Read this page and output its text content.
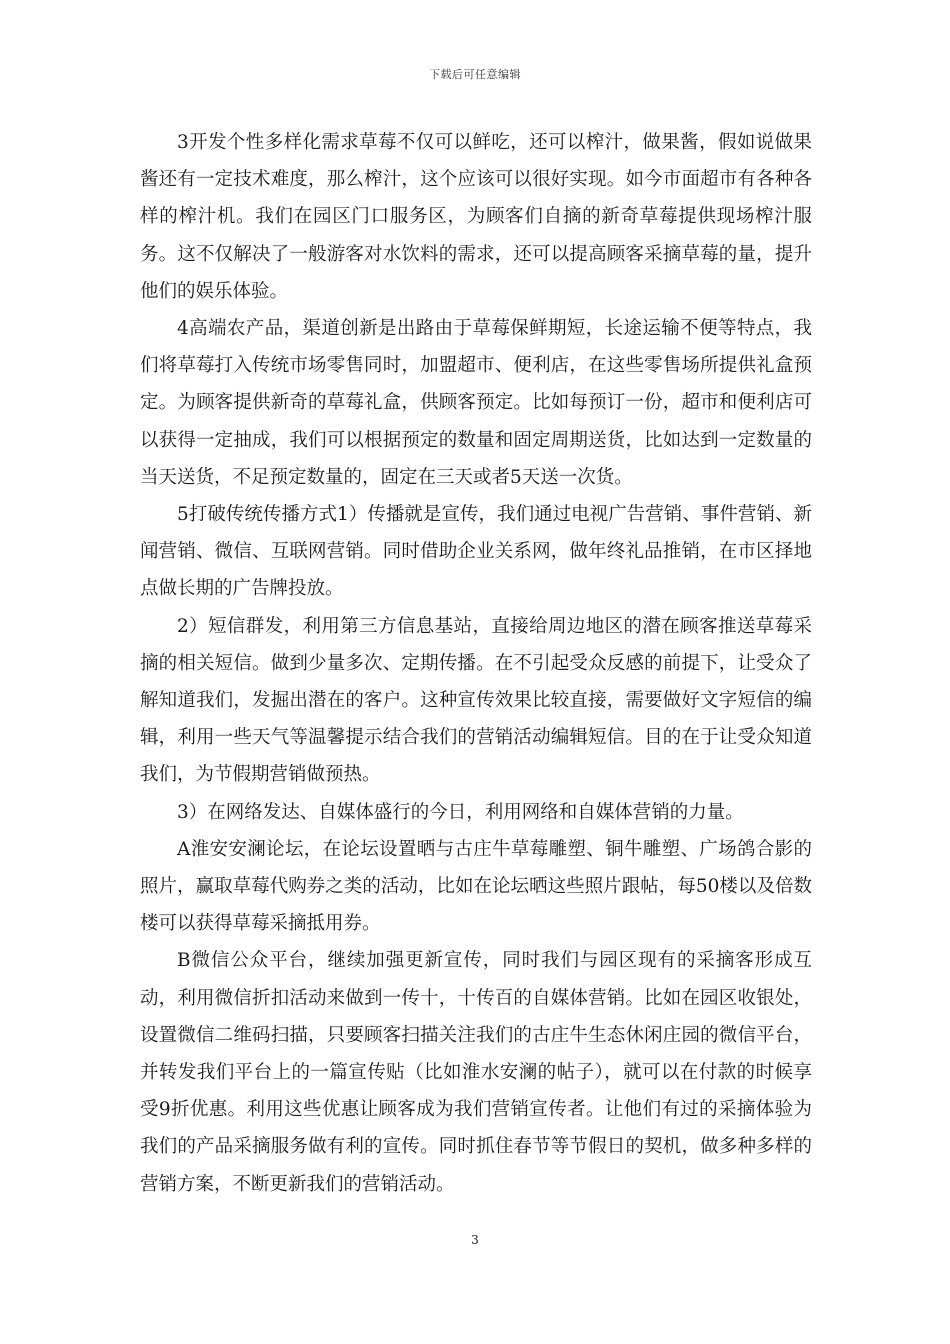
下载后可任意编辑

3开发个性多样化需求草莓不仅可以鲜吃，还可以榨汁，做果酱，假如说做果酱还有一定技术难度，那么榨汁，这个应该可以很好实现。如今市面超市有各种各样的榨汁机。我们在园区门口服务区，为顾客们自摘的新奇草莓提供现场榨汁服务。这不仅解决了一般游客对水饮料的需求，还可以提高顾客采摘草莓的量，提升他们的娱乐体验。

4高端农产品，渠道创新是出路由于草莓保鲜期短，长途运输不便等特点，我们将草莓打入传统市场零售同时，加盟超市、便利店，在这些零售场所提供礼盒预定。为顾客提供新奇的草莓礼盒，供顾客预定。比如每预订一份，超市和便利店可以获得一定抽成，我们可以根据预定的数量和固定周期送货，比如达到一定数量的当天送货，不足预定数量的，固定在三天或者5天送一次货。

5打破传统传播方式1）传播就是宣传，我们通过电视广告营销、事件营销、新闻营销、微信、互联网营销。同时借助企业关系网，做年终礼品推销，在市区择地点做长期的广告牌投放。

2）短信群发，利用第三方信息基站，直接给周边地区的潜在顾客推送草莓采摘的相关短信。做到少量多次、定期传播。在不引起受众反感的前提下，让受众了解知道我们，发掘出潜在的客户。这种宣传效果比较直接，需要做好文字短信的编辑，利用一些天气等温馨提示结合我们的营销活动编辑短信。目的在于让受众知道我们，为节假期营销做预热。

3）在网络发达、自媒体盛行的今日，利用网络和自媒体营销的力量。

A淮安安澜论坛，在论坛设置晒与古庄牛草莓雕塑、铜牛雕塑、广场鸽合影的照片，赢取草莓代购券之类的活动，比如在论坛晒这些照片跟帖，每50楼以及倍数楼可以获得草莓采摘抵用券。

B微信公众平台，继续加强更新宣传，同时我们与园区现有的采摘客形成互动，利用微信折扣活动来做到一传十，十传百的自媒体营销。比如在园区收银处，设置微信二维码扫描，只要顾客扫描关注我们的古庄牛生态休闲庄园的微信平台，并转发我们平台上的一篇宣传贴（比如淮水安澜的帖子），就可以在付款的时候享受9折优惠。利用这些优惠让顾客成为我们营销宣传者。让他们有过的采摘体验为我们的产品采摘服务做有利的宣传。同时抓住春节等节假日的契机，做多种多样的营销方案，不断更新我们的营销活动。

3
